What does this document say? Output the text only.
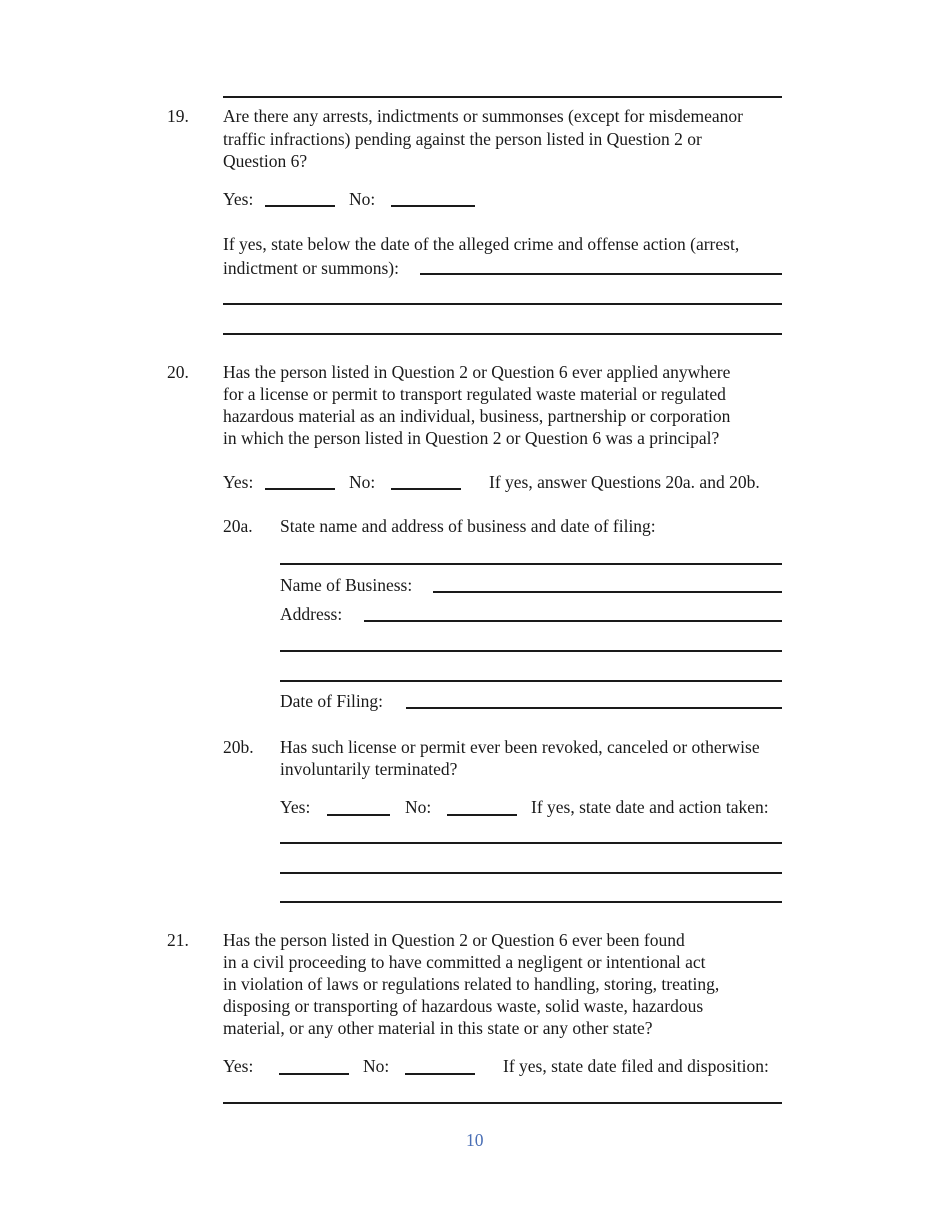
19. Are there any arrests, indictments or summonses (except for misdemeanor
traffic infractions) pending against the person listed in Question 2 or
Question 6?
Yes:	No:
If yes, state below the date of the alleged crime and offense action (arrest,
indictment or summons):
20. Has the person listed in Question 2 or Question 6 ever applied anywhere
for a license or permit to transport regulated waste material or regulated
hazardous material as an individual, business, partnership or corporation
in which the person listed in Question 2 or Question 6 was a principal?
Yes:	No:	If yes, answer Questions 20a. and 20b.
20a. State name and address of business and date of filing:
Name of Business:
Address:
Date of Filing:
20b. Has such license or permit ever been revoked, canceled or otherwise
involuntarily terminated?
Yes:	No:	If yes, state date and action taken:
21. Has the person listed in Question 2 or Question 6 ever been found
in a civil proceeding to have committed a negligent or intentional act
in violation of laws or regulations related to handling, storing, treating,
disposing or transporting of hazardous waste, solid waste, hazardous
material, or any other material in this state or any other state?
Yes:	No:	If yes, state date filed and disposition:
10
